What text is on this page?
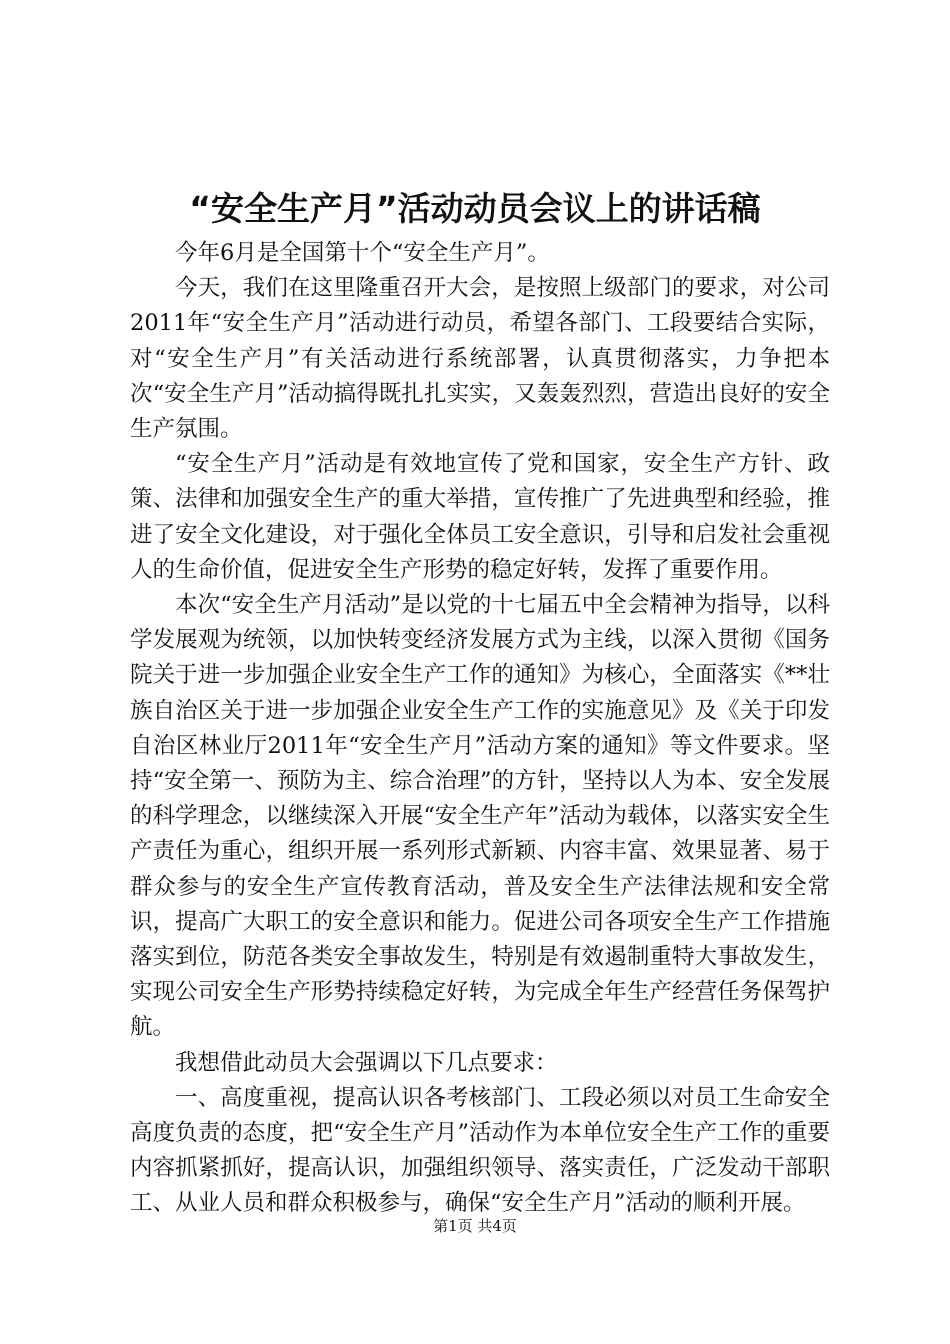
“安全生产月”活动动员会议上的讲话稿

今年6月是全国第十个“安全生产月”。

今天，我们在这里隆重召开大会，是按照上级部门的要求，对公司2011年“安全生产月”活动进行动员，希望各部门、工段要结合实际，对“安全生产月”有关活动进行系统部署，认真贯彻落实，力争把本次“安全生产月”活动搞得既扎扎实实，又轰轰烈烈，营造出良好的安全生产氛围。

“安全生产月”活动是有效地宣传了党和国家，安全生产方针、政策、法律和加强安全生产的重大举措，宣传推广了先进典型和经验，推进了安全文化建设，对于强化全体员工安全意识，引导和启发社会重视人的生命价值，促进安全生产形势的稳定好转，发挥了重要作用。

本次“安全生产月活动”是以党的十七届五中全会精神为指导，以科学发展观为统领，以加快转变经济发展方式为主线，以深入贯彻《国务院关于进一步加强企业安全生产工作的通知》为核心，全面落实《**壮族自治区关于进一步加强企业安全生产工作的实施意见》及《关于印发自治区林业厅2011年“安全生产月”活动方案的通知》等文件要求。坚持“安全第一、预防为主、综合治理”的方针，坚持以人为本、安全发展的科学理念，以继续深入开展“安全生产年”活动为载体，以落实安全生产责任为重心，组织开展一系列形式新颖、内容丰富、效果显著、易于群众参与的安全生产宣传教育活动，普及安全生产法律法规和安全常识，提高广大职工的安全意识和能力。促进公司各项安全生产工作措施落实到位，防范各类安全事故发生，特别是有效遏制重特大事故发生，实现公司安全生产形势持续稳定好转，为完成全年生产经营任务保驾护航。

我想借此动员大会强调以下几点要求：

一、高度重视，提高认识各考核部门、工段必须以对员工生命安全高度负责的态度，把“安全生产月”活动作为本单位安全生产工作的重要内容抓紧抓好，提高认识，加强组织领导、落实责任，广泛发动干部职工、从业人员和群众积极参与，确保“安全生产月”活动的顺利开展。

第1页 共4页
